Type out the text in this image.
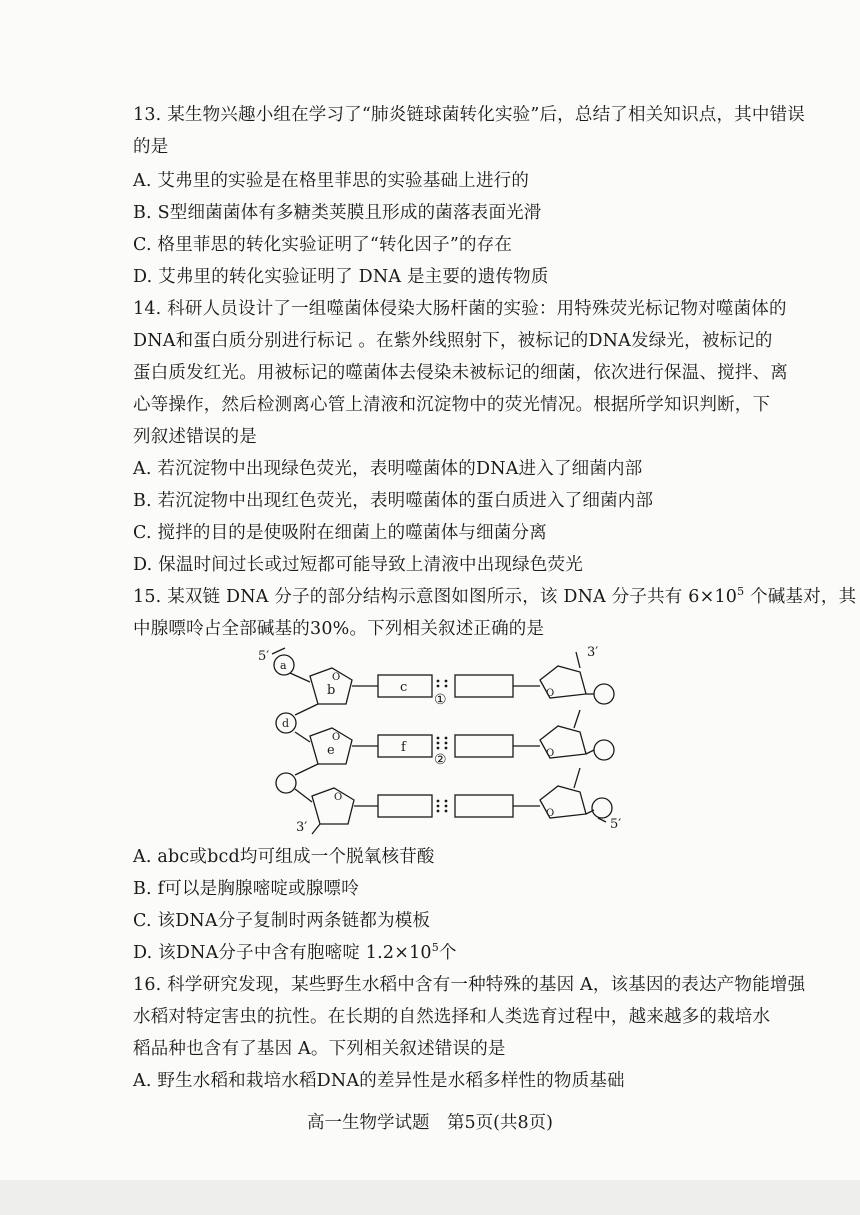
13. 某生物兴趣小组在学习了“肺炎链球菌转化实验”后，总结了相关知识点，其中错误
的是
A. 艾弗里的实验是在格里菲思的实验基础上进行的
B. S型细菌菌体有多糖类荚膜且形成的菌落表面光滑
C. 格里菲思的转化实验证明了“转化因子”的存在
D. 艾弗里的转化实验证明了 DNA 是主要的遗传物质
14. 科研人员设计了一组噬菌体侵染大肠杆菌的实验：用特殊荧光标记物对噬菌体的
DNA和蛋白质分别进行标记 。在紫外线照射下，被标记的DNA发绿光，被标记的
蛋白质发红光。用被标记的噬菌体去侵染未被标记的细菌，依次进行保温、搅拌、离
心等操作，然后检测离心管上清液和沉淀物中的荧光情况。根据所学知识判断，下
列叙述错误的是
A. 若沉淀物中出现绿色荧光，表明噬菌体的DNA进入了细菌内部
B. 若沉淀物中出现红色荧光，表明噬菌体的蛋白质进入了细菌内部
C. 搅拌的目的是使吸附在细菌上的噬菌体与细菌分离
D. 保温时间过长或过短都可能导致上清液中出现绿色荧光
15. 某双链 DNA 分子的部分结构示意图如图所示，该 DNA 分子共有 $6\times 10^5$ 个碱基对，其
中腺嘌呤占全部碱基的30%。下列相关叙述正确的是
5′	3′
3′	5′
a
b	c
d
e	f
O
O
O
O
O
O
①
②
A. abc或bcd均可组成一个脱氧核苷酸
B. f可以是胸腺嘧啶或腺嘌呤
C. 该DNA分子复制时两条链都为模板
D. 该DNA分子中含有胞嘧啶 $1.2\times 10^5$个
16. 科学研究发现，某些野生水稻中含有一种特殊的基因 A，该基因的表达产物能增强
水稻对特定害虫的抗性。在长期的自然选择和人类选育过程中，越来越多的栽培水
稻品种也含有了基因 A。下列相关叙述错误的是
A. 野生水稻和栽培水稻DNA的差异性是水稻多样性的物质基础
高一生物学试题　第5页(共8页)
